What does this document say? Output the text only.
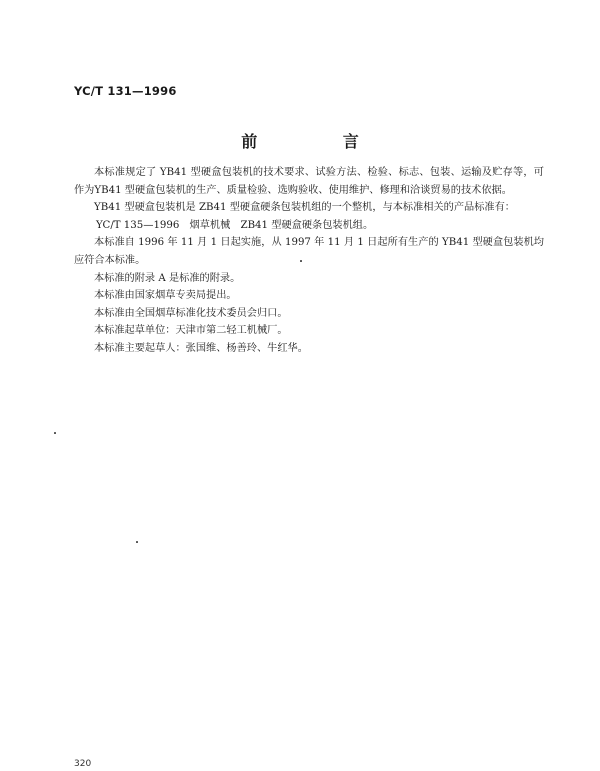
YC/T 131—1996
前 言

本标准规定了 YB41 型硬盒包装机的技术要求、试验方法、检验、标志、包装、运输及贮存等，可作为YB41 型硬盒包装机的生产、质量检验、选购验收、使用维护、修理和洽谈贸易的技术依据。

YB41 型硬盒包装机是 ZB41 型硬盒硬条包装机组的一个整机，与本标准相关的产品标准有：

YC/T 135—1996　烟草机械　ZB41 型硬盒硬条包装机组。

本标准自 1996 年 11 月 1 日起实施，从 1997 年 11 月 1 日起所有生产的 YB41 型硬盒包装机均应符合本标准。

本标准的附录 A 是标准的附录。

本标准由国家烟草专卖局提出。

本标准由全国烟草标准化技术委员会归口。

本标准起草单位：天津市第二轻工机械厂。

本标准主要起草人：张国维、杨善玲、牛红华。

320
